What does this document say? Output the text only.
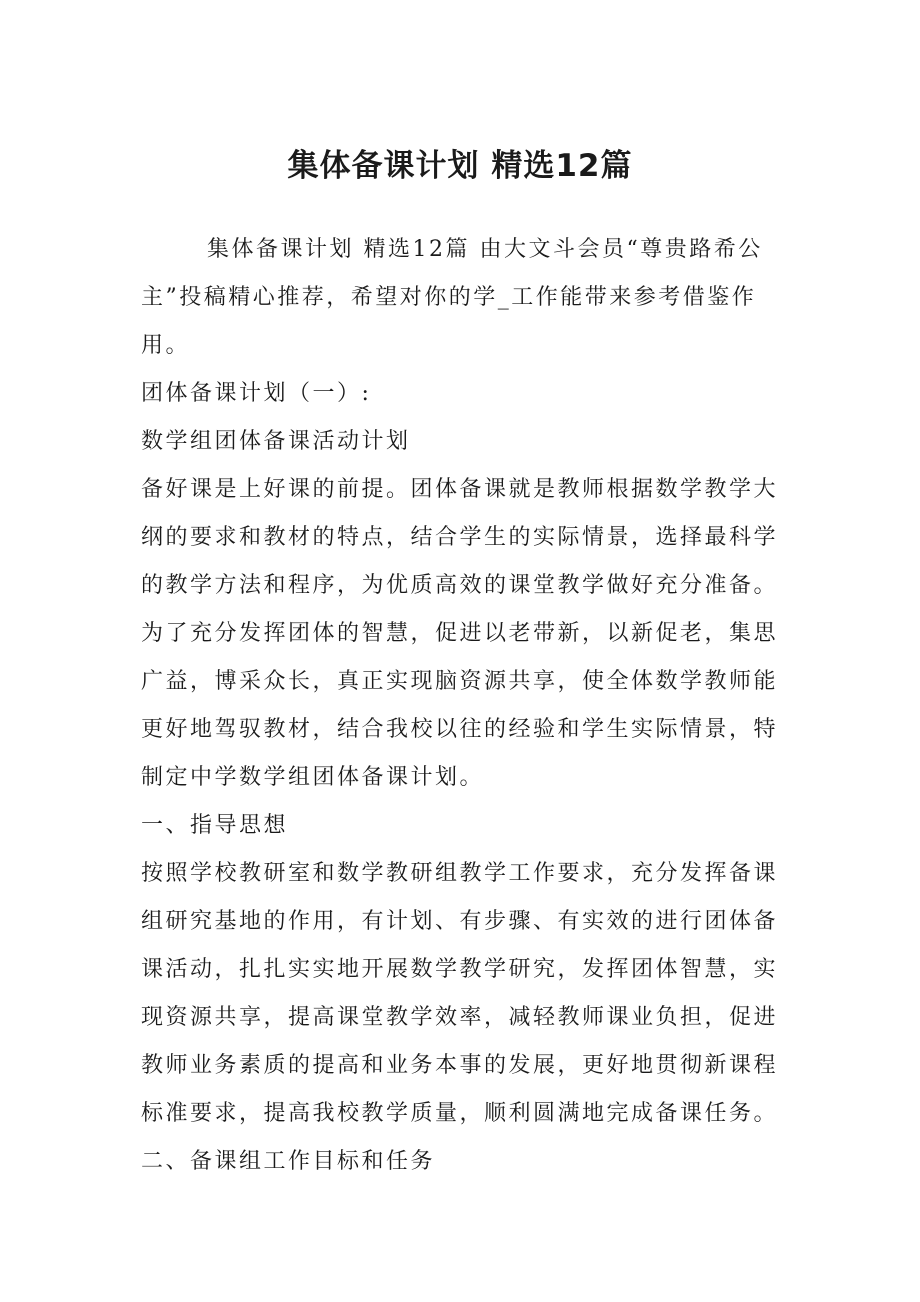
集体备课计划 精选12篇

集体备课计划 精选12篇 由大文斗会员“尊贵路希公主”投稿精心推荐，希望对你的学_工作能带来参考借鉴作用。

团体备课计划（一）:

数学组团体备课活动计划

备好课是上好课的前提。团体备课就是教师根据数学教学大纲的要求和教材的特点，结合学生的实际情景，选择最科学的教学方法和程序，为优质高效的课堂教学做好充分准备。为了充分发挥团体的智慧，促进以老带新，以新促老，集思广益，博采众长，真正实现脑资源共享，使全体数学教师能更好地驾驭教材，结合我校以往的经验和学生实际情景，特制定中学数学组团体备课计划。

一、指导思想

按照学校教研室和数学教研组教学工作要求，充分发挥备课组研究基地的作用，有计划、有步骤、有实效的进行团体备课活动，扎扎实实地开展数学教学研究，发挥团体智慧，实现资源共享，提高课堂教学效率，减轻教师课业负担，促进教师业务素质的提高和业务本事的发展，更好地贯彻新课程标准要求，提高我校教学质量，顺利圆满地完成备课任务。

二、备课组工作目标和任务
